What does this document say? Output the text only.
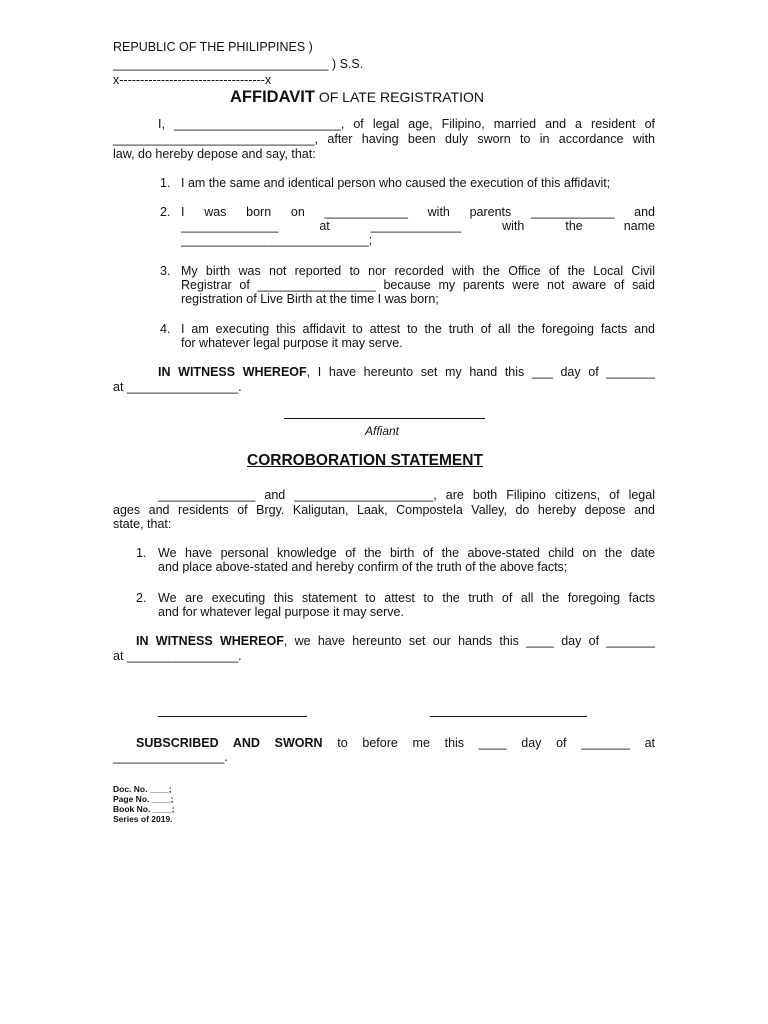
REPUBLIC OF THE PHILIPPINES )
_______________________________ ) S.S.
x-----------------------------------x
AFFIDAVIT OF LATE REGISTRATION
I, ________________________, of legal age, Filipino, married and a resident of
_____________________________, after having been duly sworn to in accordance with
law, do hereby depose and say, that:
1. I am the same and identical person who caused the execution of this affidavit;
2. I was born on ____________ with parents ____________ and
______________ at _____________ with the name
___________________________;
3. My birth was not reported to nor recorded with the Office of the Local Civil
Registrar of _________________ because my parents were not aware of said
registration of Live Birth at the time I was born;
4. I am executing this affidavit to attest to the truth of all the foregoing facts and
for whatever legal purpose it may serve.
IN WITNESS WHEREOF, I have hereunto set my hand this ___ day of _______
at ________________.
Affiant
CORROBORATION STATEMENT
______________ and ____________________, are both Filipino citizens, of legal
ages and residents of Brgy. Kaligutan, Laak, Compostela Valley, do hereby depose and
state, that:
1. We have personal knowledge of the birth of the above-stated child on the date
and place above-stated and hereby confirm of the truth of the above facts;
2. We are executing this statement to attest to the truth of all the foregoing facts
and for whatever legal purpose it may serve.
IN WITNESS WHEREOF, we have hereunto set our hands this ____ day of _______
at ________________.
SUBSCRIBED AND SWORN to before me this ____ day of _______ at
________________.
Doc. No. ____;
Page No. ____;
Book No. ____;
Series of 2019.
